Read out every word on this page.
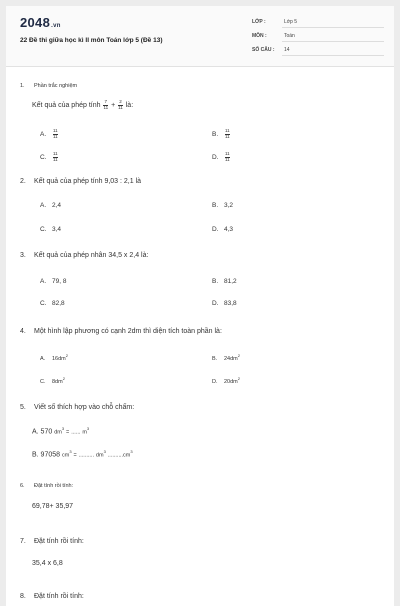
2048.vn
22 Đề thi giữa học kì II môn Toán lớp 5 (Đề 13)
LỚP :	Lớp 5
MÔN :	Toán
SỐ CÂU : 14
1. Phần trắc nghiệm
Kết quả của phép tính $\frac{7}{11} + \frac{2}{11}$ là:
A. $\frac{11}{11}$	B. $\frac{11}{11}$
C. $\frac{11}{11}$	D. $\frac{11}{11}$
2. Kết quả của phép tính 9,03 : 2,1 là
A. 2,4	B. 3,2
C. 3,4	D. 4,3
3. Kết quả của phép nhân 34,5 x 2,4 là:
A. 79, 8	B. 81,2
C. 82,8	D. 83,8
4. Một hình lập phương có cạnh 2dm thì diện tích toàn phần là:
A. $16dm^2$
B. $24dm^2$
C. $8dm^2$
D. $20dm^2$
5. Viết số thích hợp vào chỗ chấm:
A. 570 $dm^3$ = ...... $m^3$
B. 97058 $cm^3$ = .......... $dm^3$ $..........cm^3$
6. Đặt tính rồi tính:
69,78+ 35,97
7. Đặt tính rồi tính:
35,4 x 6,8
8. Đặt tính rồi tính:
